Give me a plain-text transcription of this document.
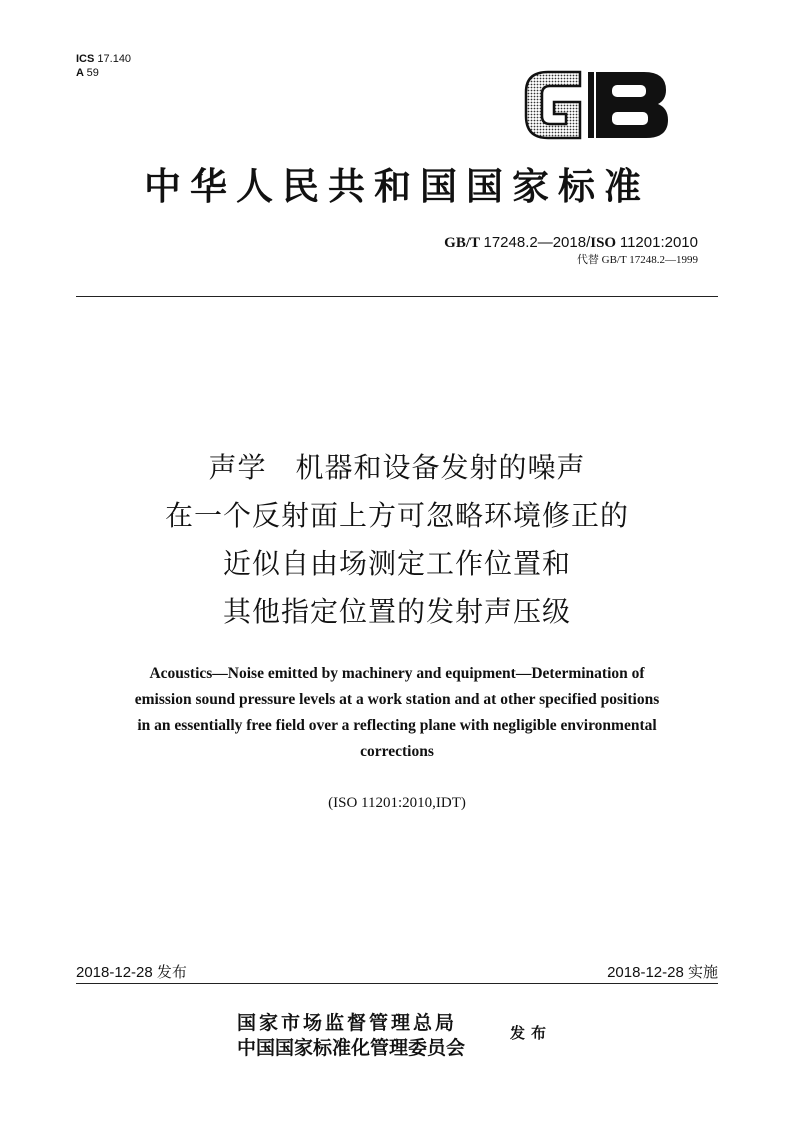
ICS 17.140
A 59
GB
中华人民共和国国家标准
GB/T 17248.2—2018/ISO 11201:2010
代替 GB/T 17248.2—1999
声学　机器和设备发射的噪声
在一个反射面上方可忽略环境修正的
近似自由场测定工作位置和
其他指定位置的发射声压级
Acoustics—Noise emitted by machinery and equipment—Determination of
emission sound pressure levels at a work station and at other specified positions
in an essentially free field over a reflecting plane with negligible environmental
corrections
(ISO 11201:2010,IDT)
2018-12-28 发布	2018-12-28 实施
国家市场监督管理总局
中国国家标准化管理委员会
发布
